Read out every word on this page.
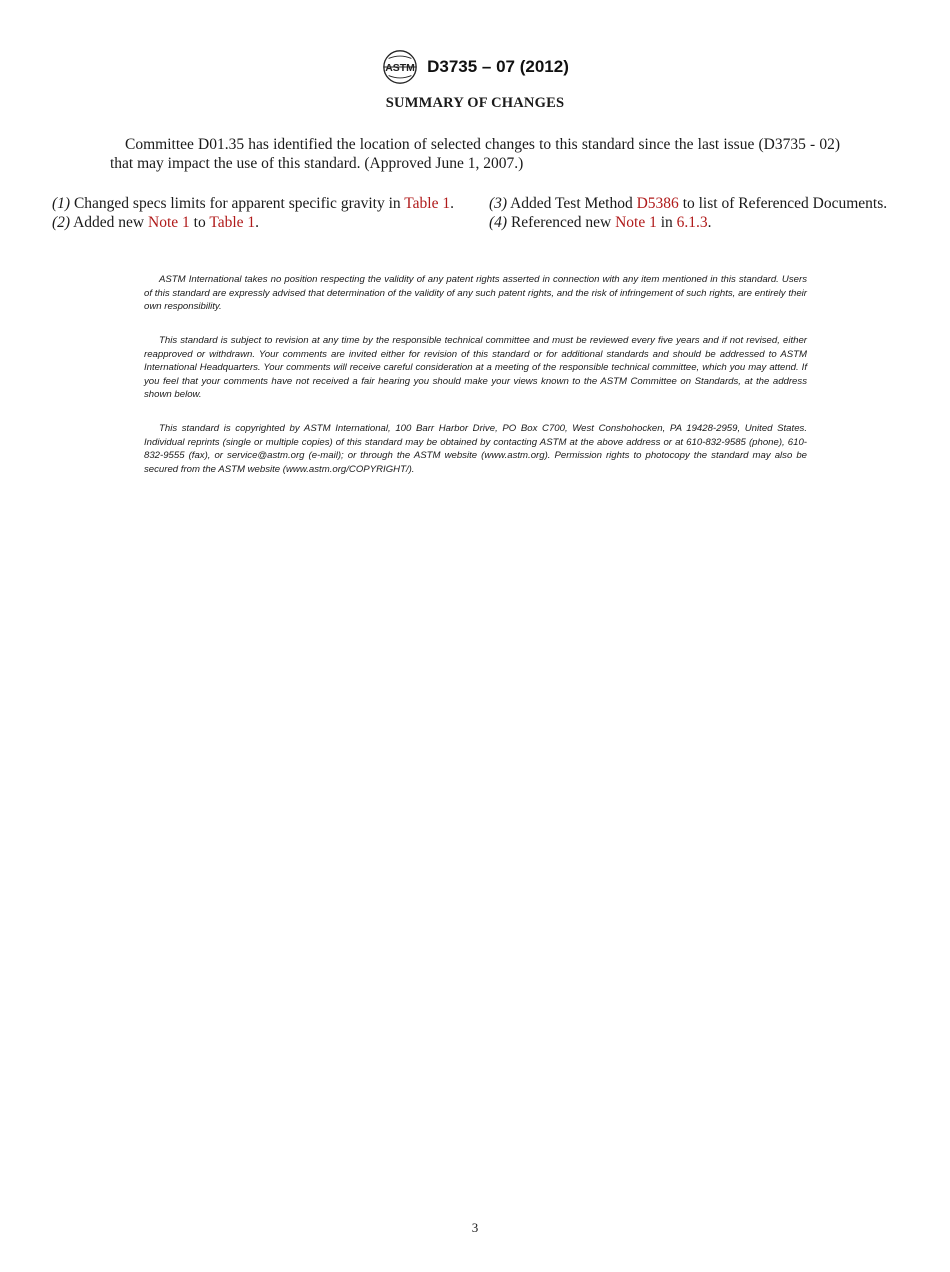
ASTM D3735 – 07 (2012)
SUMMARY OF CHANGES

Committee D01.35 has identified the location of selected changes to this standard since the last issue (D3735 - 02) that may impact the use of this standard. (Approved June 1, 2007.)

(1) Changed specs limits for apparent specific gravity in Table 1.
(2) Added new Note 1 to Table 1.
(3) Added Test Method D5386 to list of Referenced Documents.
(4) Referenced new Note 1 in 6.1.3.

ASTM International takes no position respecting the validity of any patent rights asserted in connection with any item mentioned in this standard. Users of this standard are expressly advised that determination of the validity of any such patent rights, and the risk of infringement of such rights, are entirely their own responsibility.

This standard is subject to revision at any time by the responsible technical committee and must be reviewed every five years and if not revised, either reapproved or withdrawn. Your comments are invited either for revision of this standard or for additional standards and should be addressed to ASTM International Headquarters. Your comments will receive careful consideration at a meeting of the responsible technical committee, which you may attend. If you feel that your comments have not received a fair hearing you should make your views known to the ASTM Committee on Standards, at the address shown below.

This standard is copyrighted by ASTM International, 100 Barr Harbor Drive, PO Box C700, West Conshohocken, PA 19428-2959, United States. Individual reprints (single or multiple copies) of this standard may be obtained by contacting ASTM at the above address or at 610-832-9585 (phone), 610-832-9555 (fax), or service@astm.org (e-mail); or through the ASTM website (www.astm.org). Permission rights to photocopy the standard may also be secured from the ASTM website (www.astm.org/COPYRIGHT/).

3
